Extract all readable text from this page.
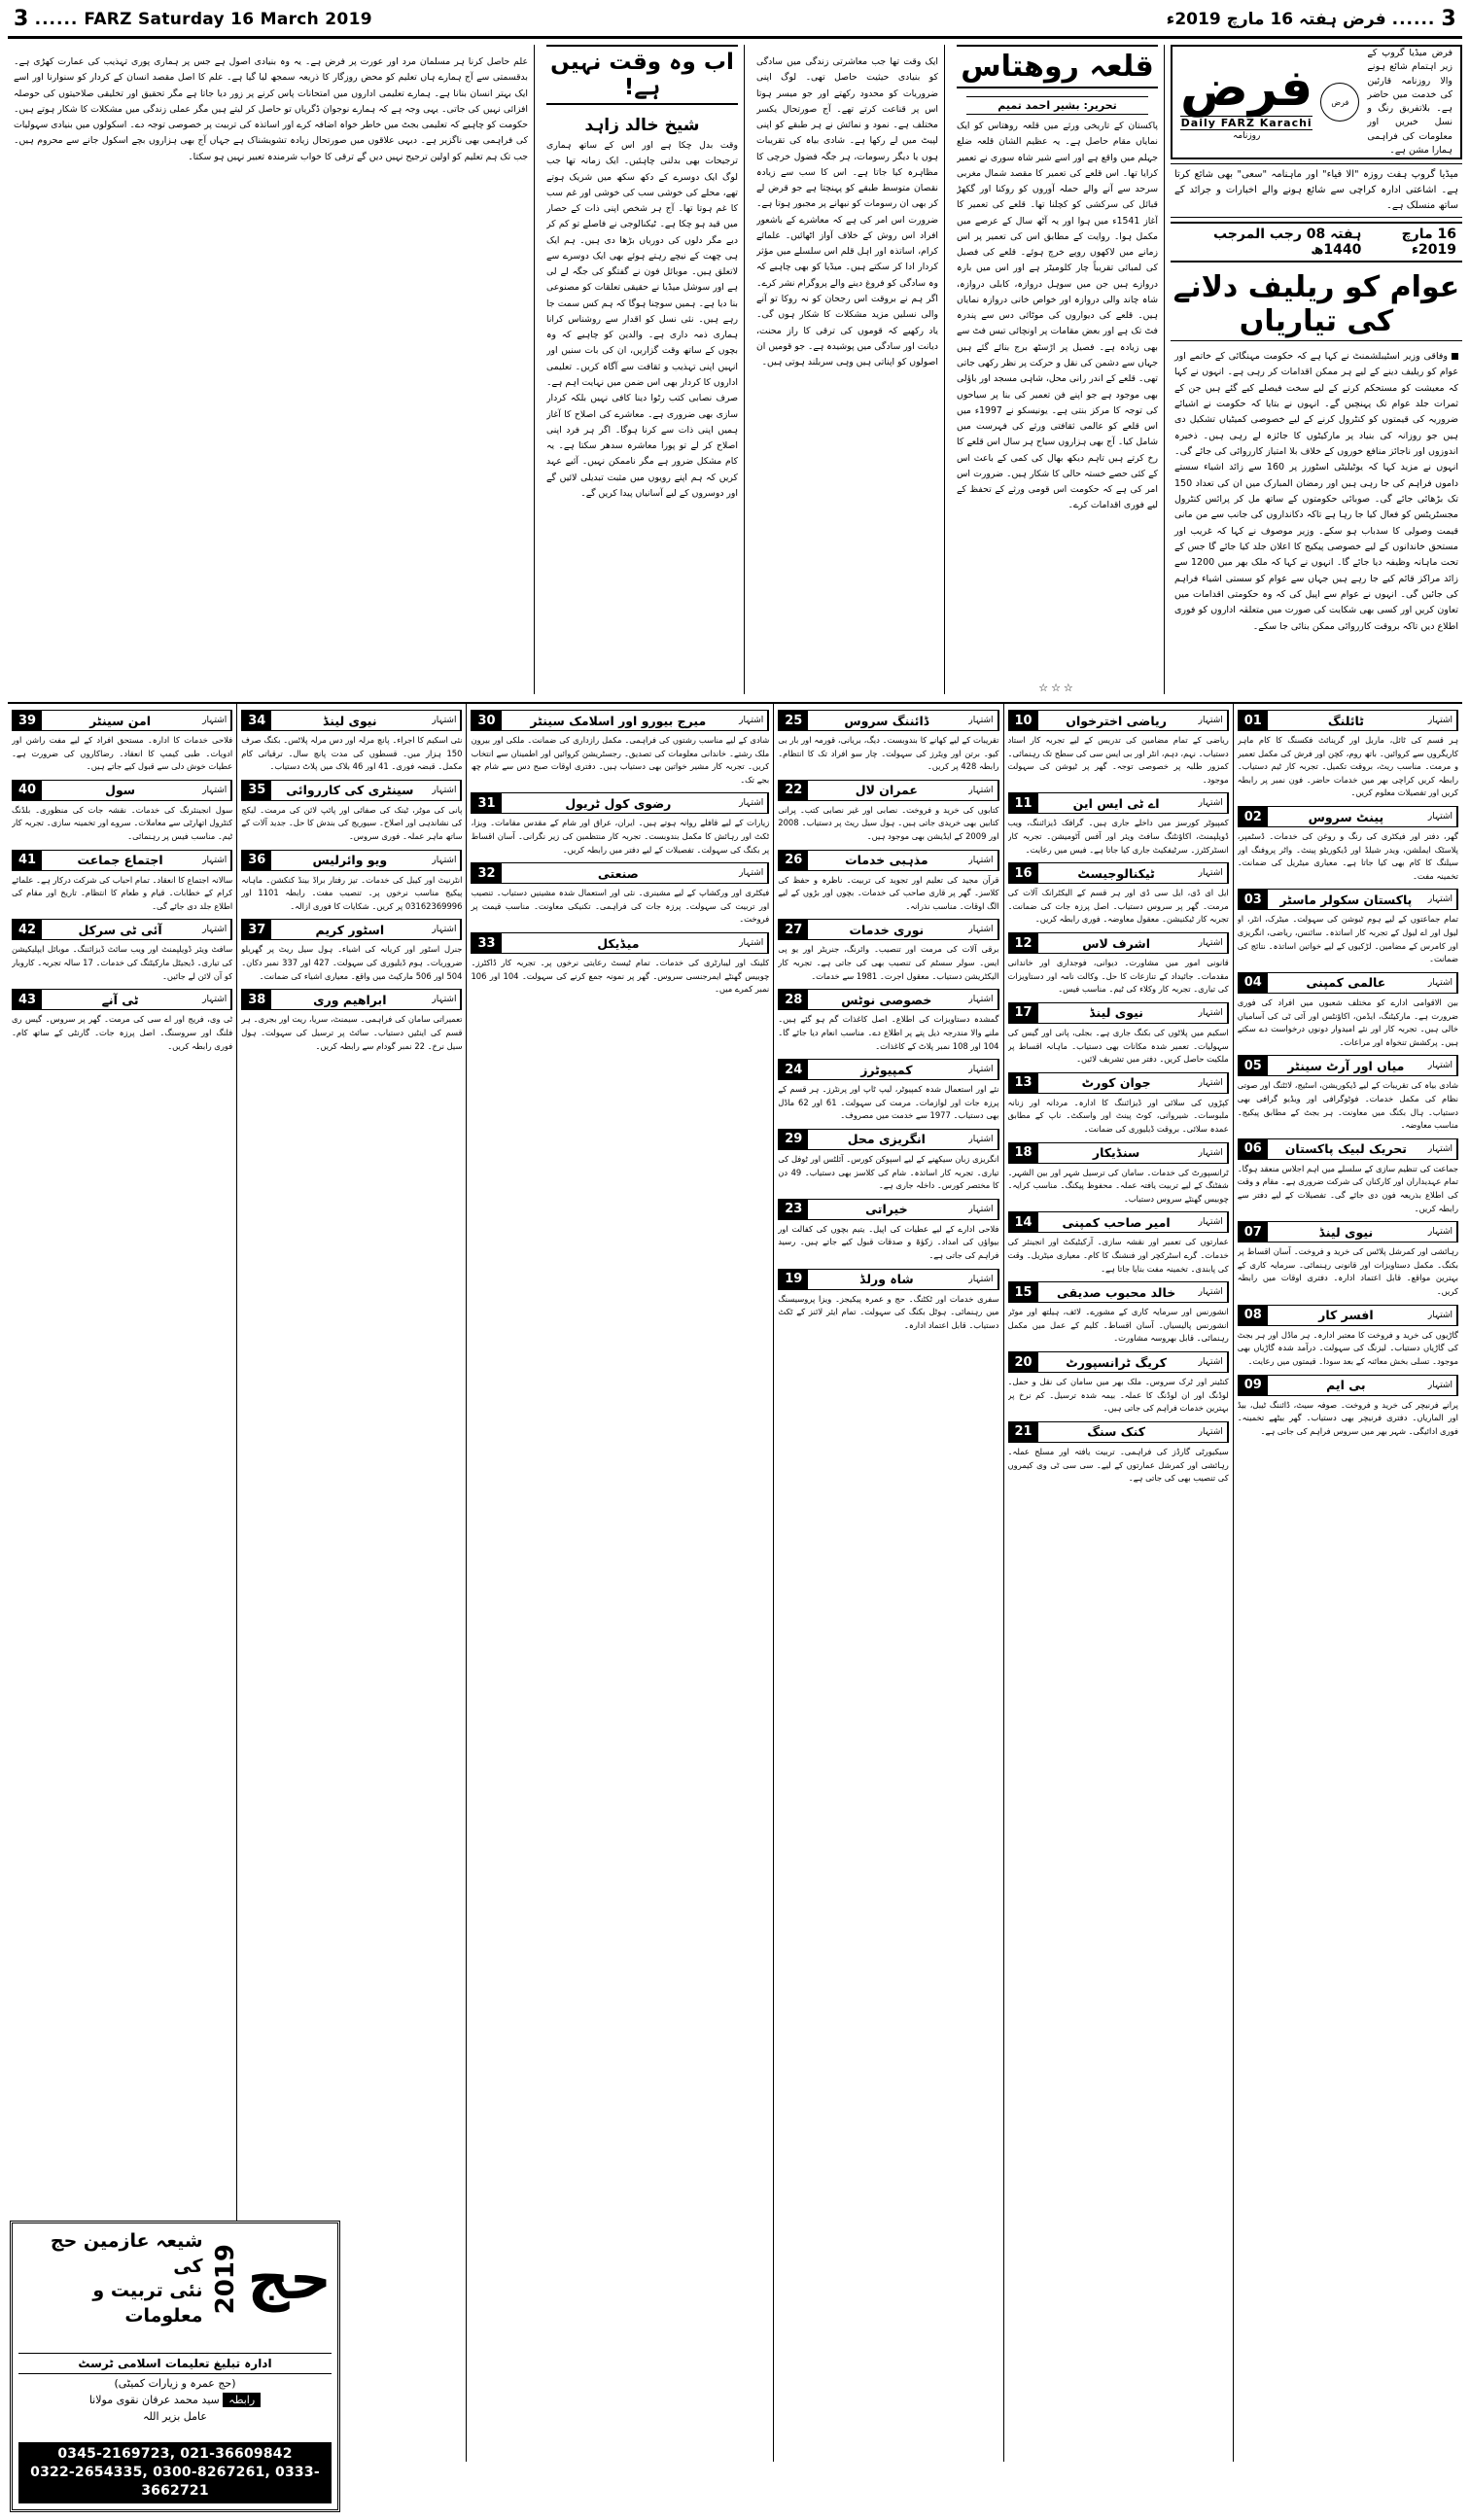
3 ...... FARZ Saturday 16 March 2019	3
......
فرض ہفتہ 16 مارچ 2019ء
فرض
Daily FARZ Karachi
روزنامہ
فرض
فرض میڈیا گروپ کے زیر اہتمام شائع ہونے والا روزنامہ قارئین کی خدمت میں حاضر ہے۔ بلاتفریق رنگ و نسل خبریں اور معلومات کی فراہمی ہمارا مشن ہے۔
میڈیا گروپ ہفت روزہ "الا فیاء" اور ماہنامہ "سعی" بھی شائع کرتا ہے۔ اشاعتی ادارہ کراچی سے شائع ہونے والے اخبارات و جرائد کے ساتھ منسلک ہے۔
ہفتہ 08 رجب المرجب 1440ھ
16 مارچ 2019ء
عوام کو ریلیف دلانے کی تیاریاں
وفاقی وزیر اسٹیبلشمنٹ نے کہا ہے کہ حکومت مہنگائی کے خاتمے اور عوام کو ریلیف دینے کے لیے ہر ممکن اقدامات کر رہی ہے۔ انہوں نے کہا کہ معیشت کو مستحکم کرنے کے لیے سخت فیصلے کیے گئے ہیں جن کے ثمرات جلد عوام تک پہنچیں گے۔ انہوں نے بتایا کہ حکومت نے اشیائے ضروریہ کی قیمتوں کو کنٹرول کرنے کے لیے خصوصی کمیٹیاں تشکیل دی ہیں جو روزانہ کی بنیاد پر مارکیٹوں کا جائزہ لے رہی ہیں۔ ذخیرہ اندوزوں اور ناجائز منافع خوروں کے خلاف بلا امتیاز کارروائی کی جائے گی۔ انہوں نے مزید کہا کہ یوٹیلیٹی اسٹورز پر 160 سے زائد اشیاء سستے داموں فراہم کی جا رہی ہیں اور رمضان المبارک میں ان کی تعداد 150 تک بڑھائی جائے گی۔ صوبائی حکومتوں کے ساتھ مل کر پرائس کنٹرول مجسٹریٹس کو فعال کیا جا رہا ہے تاکہ دکانداروں کی جانب سے من مانی قیمت وصولی کا سدباب ہو سکے۔ وزیر موصوف نے کہا کہ غریب اور مستحق خاندانوں کے لیے خصوصی پیکیج کا اعلان جلد کیا جائے گا جس کے تحت ماہانہ وظیفہ دیا جائے گا۔ انہوں نے کہا کہ ملک بھر میں 1200 سے زائد مراکز قائم کیے جا رہے ہیں جہاں سے عوام کو سستی اشیاء فراہم کی جائیں گی۔ انہوں نے عوام سے اپیل کی کہ وہ حکومتی اقدامات میں تعاون کریں اور کسی بھی شکایت کی صورت میں متعلقہ اداروں کو فوری اطلاع دیں تاکہ بروقت کارروائی ممکن بنائی جا سکے۔
قلعہ روھتاس
تحریر: بشیر احمد تمیم
پاکستان کے تاریخی ورثے میں قلعہ روھتاس کو ایک نمایاں مقام حاصل ہے۔ یہ عظیم الشان قلعہ ضلع جہلم میں واقع ہے اور اسے شیر شاہ سوری نے تعمیر کرایا تھا۔ اس قلعے کی تعمیر کا مقصد شمال مغربی سرحد سے آنے والے حملہ آوروں کو روکنا اور گکھڑ قبائل کی سرکشی کو کچلنا تھا۔ قلعے کی تعمیر کا آغاز 1541ء میں ہوا اور یہ آٹھ سال کے عرصے میں مکمل ہوا۔ روایت کے مطابق اس کی تعمیر پر اس زمانے میں لاکھوں روپے خرچ ہوئے۔ قلعے کی فصیل کی لمبائی تقریباً چار کلومیٹر ہے اور اس میں بارہ دروازے ہیں جن میں سوہل دروازہ، کابلی دروازہ، شاہ چاند والی دروازہ اور خواص خانی دروازہ نمایاں ہیں۔ قلعے کی دیواروں کی موٹائی دس سے پندرہ فٹ تک ہے اور بعض مقامات پر اونچائی تیس فٹ سے بھی زیادہ ہے۔ فصیل پر اڑسٹھ برج بنائے گئے ہیں جہاں سے دشمن کی نقل و حرکت پر نظر رکھی جاتی تھی۔ قلعے کے اندر رانی محل، شاہی مسجد اور باؤلی بھی موجود ہے جو اپنے فن تعمیر کی بنا پر سیاحوں کی توجہ کا مرکز بنتی ہے۔ یونیسکو نے 1997ء میں اس قلعے کو عالمی ثقافتی ورثے کی فہرست میں شامل کیا۔ آج بھی ہزاروں سیاح ہر سال اس قلعے کا رخ کرتے ہیں تاہم دیکھ بھال کی کمی کے باعث اس کے کئی حصے خستہ حالی کا شکار ہیں۔ ضرورت اس امر کی ہے کہ حکومت اس قومی ورثے کے تحفظ کے لیے فوری اقدامات کرے۔
☆☆☆
ایک وقت تھا جب معاشرتی زندگی میں سادگی کو بنیادی حیثیت حاصل تھی۔ لوگ اپنی ضروریات کو محدود رکھتے اور جو میسر ہوتا اس پر قناعت کرتے تھے۔ آج صورتحال یکسر مختلف ہے۔ نمود و نمائش نے ہر طبقے کو اپنی لپیٹ میں لے رکھا ہے۔ شادی بیاہ کی تقریبات ہوں یا دیگر رسومات، ہر جگہ فضول خرچی کا مظاہرہ کیا جاتا ہے۔ اس کا سب سے زیادہ نقصان متوسط طبقے کو پہنچتا ہے جو قرض لے کر بھی ان رسومات کو نبھانے پر مجبور ہوتا ہے۔ ضرورت اس امر کی ہے کہ معاشرے کے باشعور افراد اس روش کے خلاف آواز اٹھائیں۔ علمائے کرام، اساتذہ اور اہل قلم اس سلسلے میں مؤثر کردار ادا کر سکتے ہیں۔ میڈیا کو بھی چاہیے کہ وہ سادگی کو فروغ دینے والے پروگرام نشر کرے۔ اگر ہم نے بروقت اس رجحان کو نہ روکا تو آنے والی نسلیں مزید مشکلات کا شکار ہوں گی۔ یاد رکھیے کہ قوموں کی ترقی کا راز محنت، دیانت اور سادگی میں پوشیدہ ہے۔ جو قومیں ان اصولوں کو اپناتی ہیں وہی سربلند ہوتی ہیں۔
اب وہ وقت نہیں ہے!
شیخ خالد زاہد
وقت بدل چکا ہے اور اس کے ساتھ ہماری ترجیحات بھی بدلنی چاہئیں۔ ایک زمانہ تھا جب لوگ ایک دوسرے کے دکھ سکھ میں شریک ہوتے تھے، محلے کی خوشی سب کی خوشی اور غم سب کا غم ہوتا تھا۔ آج ہر شخص اپنی ذات کے حصار میں قید ہو چکا ہے۔ ٹیکنالوجی نے فاصلے تو کم کر دیے مگر دلوں کی دوریاں بڑھا دی ہیں۔ ہم ایک ہی چھت کے نیچے رہتے ہوئے بھی ایک دوسرے سے لاتعلق ہیں۔ موبائل فون نے گفتگو کی جگہ لے لی ہے اور سوشل میڈیا نے حقیقی تعلقات کو مصنوعی بنا دیا ہے۔ ہمیں سوچنا ہوگا کہ ہم کس سمت جا رہے ہیں۔ نئی نسل کو اقدار سے روشناس کرانا ہماری ذمہ داری ہے۔ والدین کو چاہیے کہ وہ بچوں کے ساتھ وقت گزاریں، ان کی بات سنیں اور انہیں اپنی تہذیب و ثقافت سے آگاہ کریں۔ تعلیمی اداروں کا کردار بھی اس ضمن میں نہایت اہم ہے۔ صرف نصابی کتب رٹوا دینا کافی نہیں بلکہ کردار سازی بھی ضروری ہے۔ معاشرے کی اصلاح کا آغاز ہمیں اپنی ذات سے کرنا ہوگا۔ اگر ہر فرد اپنی اصلاح کر لے تو پورا معاشرہ سدھر سکتا ہے۔ یہ کام مشکل ضرور ہے مگر ناممکن نہیں۔ آئیے عہد کریں کہ ہم اپنے رویوں میں مثبت تبدیلی لائیں گے اور دوسروں کے لیے آسانیاں پیدا کریں گے۔
علم حاصل کرنا ہر مسلمان مرد اور عورت پر فرض ہے۔ یہ وہ بنیادی اصول ہے جس پر ہماری پوری تہذیب کی عمارت کھڑی ہے۔ بدقسمتی سے آج ہمارے ہاں تعلیم کو محض روزگار کا ذریعہ سمجھ لیا گیا ہے۔ علم کا اصل مقصد انسان کے کردار کو سنوارنا اور اسے ایک بہتر انسان بنانا ہے۔ ہمارے تعلیمی اداروں میں امتحانات پاس کرنے پر زور دیا جاتا ہے مگر تحقیق اور تخلیقی صلاحیتوں کی حوصلہ افزائی نہیں کی جاتی۔ یہی وجہ ہے کہ ہمارے نوجوان ڈگریاں تو حاصل کر لیتے ہیں مگر عملی زندگی میں مشکلات کا شکار ہوتے ہیں۔ حکومت کو چاہیے کہ تعلیمی بجٹ میں خاطر خواہ اضافہ کرے اور اساتذہ کی تربیت پر خصوصی توجہ دے۔ اسکولوں میں بنیادی سہولیات کی فراہمی بھی ناگزیر ہے۔ دیہی علاقوں میں صورتحال زیادہ تشویشناک ہے جہاں آج بھی ہزاروں بچے اسکول جانے سے محروم ہیں۔ جب تک ہم تعلیم کو اولین ترجیح نہیں دیں گے ترقی کا خواب شرمندہ تعبیر نہیں ہو سکتا۔
01	ٹائلنگ	اشتہار
ہر قسم کی ٹائل، ماربل اور گرینائٹ فکسنگ کا کام ماہر کاریگروں سے کروائیں۔ باتھ روم، کچن اور فرش کی مکمل تعمیر و مرمت۔ مناسب ریٹ، بروقت تکمیل۔ تجربہ کار ٹیم دستیاب۔ رابطہ کریں کراچی بھر میں خدمات حاضر۔ فون نمبر پر رابطہ کریں اور تفصیلات معلوم کریں۔
02	پینٹ سروس	اشتہار
گھر، دفتر اور فیکٹری کی رنگ و روغن کی خدمات۔ ڈسٹمپر، پلاسٹک ایملشن، ویدر شیلڈ اور ڈیکوریٹو پینٹ۔ واٹر پروفنگ اور سیلنگ کا کام بھی کیا جاتا ہے۔ معیاری میٹریل کی ضمانت۔ تخمینہ مفت۔
03	پاکستان سکولر ماسٹر	اشتہار
تمام جماعتوں کے لیے ہوم ٹیوشن کی سہولت۔ میٹرک، انٹر، او لیول اور اے لیول کے تجربہ کار اساتذہ۔ سائنس، ریاضی، انگریزی اور کامرس کے مضامین۔ لڑکیوں کے لیے خواتین اساتذہ۔ نتائج کی ضمانت۔
04	عالمی کمپنی	اشتہار
بین الاقوامی ادارے کو مختلف شعبوں میں افراد کی فوری ضرورت ہے۔ مارکیٹنگ، ایڈمن، اکاؤنٹس اور آئی ٹی کی آسامیاں خالی ہیں۔ تجربہ کار اور نئے امیدوار دونوں درخواست دے سکتے ہیں۔ پرکشش تنخواہ اور مراعات۔
05	میاں اور آرٹ سینٹر	اشتہار
شادی بیاہ کی تقریبات کے لیے ڈیکوریشن، اسٹیج، لائٹنگ اور صوتی نظام کی مکمل خدمات۔ فوٹوگرافی اور ویڈیو گرافی بھی دستیاب۔ ہال بکنگ میں معاونت۔ ہر بجٹ کے مطابق پیکیج۔ مناسب معاوضہ۔
06	تحریک لبیک پاکستان	اشتہار
جماعت کی تنظیم سازی کے سلسلے میں اہم اجلاس منعقد ہوگا۔ تمام عہدیداران اور کارکنان کی شرکت ضروری ہے۔ مقام و وقت کی اطلاع بذریعہ فون دی جائے گی۔ تفصیلات کے لیے دفتر سے رابطہ کریں۔
07	نیوی لینڈ	اشتہار
رہائشی اور کمرشل پلاٹس کی خرید و فروخت۔ آسان اقساط پر بکنگ۔ مکمل دستاویزات اور قانونی رہنمائی۔ سرمایہ کاری کے بہترین مواقع۔ قابل اعتماد ادارہ۔ دفتری اوقات میں رابطہ کریں۔
08	افسر کار	اشتہار
گاڑیوں کی خرید و فروخت کا معتبر ادارہ۔ ہر ماڈل اور ہر بجٹ کی گاڑیاں دستیاب۔ لیزنگ کی سہولت۔ درآمد شدہ گاڑیاں بھی موجود۔ تسلی بخش معائنہ کے بعد سودا۔ قیمتوں میں رعایت۔
09	بی ایم	اشتہار
پرانے فرنیچر کی خرید و فروخت۔ صوفہ سیٹ، ڈائننگ ٹیبل، بیڈ اور الماریاں۔ دفتری فرنیچر بھی دستیاب۔ گھر بیٹھے تخمینہ۔ فوری ادائیگی۔ شہر بھر میں سروس فراہم کی جاتی ہے۔
10	ریاضی اخترخواں	اشتہار
ریاضی کے تمام مضامین کی تدریس کے لیے تجربہ کار استاد دستیاب۔ نہم، دہم، انٹر اور بی ایس سی کی سطح تک رہنمائی۔ کمزور طلبہ پر خصوصی توجہ۔ گھر پر ٹیوشن کی سہولت موجود۔
11	اے ٹی ایس این	اشتہار
کمپیوٹر کورسز میں داخلے جاری ہیں۔ گرافک ڈیزائننگ، ویب ڈویلپمنٹ، اکاؤنٹنگ سافٹ ویئر اور آفس آٹومیشن۔ تجربہ کار انسٹرکٹرز۔ سرٹیفکیٹ جاری کیا جاتا ہے۔ فیس میں رعایت۔
16	ٹیکنالوجیسٹ	اشتہار
ایل ای ڈی، ایل سی ڈی اور ہر قسم کے الیکٹرانک آلات کی مرمت۔ گھر پر سروس دستیاب۔ اصل پرزہ جات کی ضمانت۔ تجربہ کار ٹیکنیشن۔ معقول معاوضہ۔ فوری رابطہ کریں۔
12	اشرف لاس	اشتہار
قانونی امور میں مشاورت۔ دیوانی، فوجداری اور خاندانی مقدمات۔ جائیداد کے تنازعات کا حل۔ وکالت نامہ اور دستاویزات کی تیاری۔ تجربہ کار وکلاء کی ٹیم۔ مناسب فیس۔
17	نیوی لینڈ	اشتہار
اسکیم میں پلاٹوں کی بکنگ جاری ہے۔ بجلی، پانی اور گیس کی سہولیات۔ تعمیر شدہ مکانات بھی دستیاب۔ ماہانہ اقساط پر ملکیت حاصل کریں۔ دفتر میں تشریف لائیں۔
13	جوان کورٹ	اشتہار
کپڑوں کی سلائی اور ڈیزائننگ کا ادارہ۔ مردانہ اور زنانہ ملبوسات۔ شیروانی، کوٹ پینٹ اور واسکٹ۔ ناپ کے مطابق عمدہ سلائی۔ بروقت ڈیلیوری کی ضمانت۔
18	سنڈیکار	اشتہار
ٹرانسپورٹ کی خدمات۔ سامان کی ترسیل شہر اور بین الشہر۔ شفٹنگ کے لیے تربیت یافتہ عملہ۔ محفوظ پیکنگ۔ مناسب کرایہ۔ چوبیس گھنٹے سروس دستیاب۔
14	امیر صاحب کمپنی	اشتہار
عمارتوں کی تعمیر اور نقشہ سازی۔ آرکیٹیکٹ اور انجینئر کی خدمات۔ گرے اسٹرکچر اور فنشنگ کا کام۔ معیاری میٹریل۔ وقت کی پابندی۔ تخمینہ مفت بنایا جاتا ہے۔
15	خالد محبوب صدیقی	اشتہار
انشورنس اور سرمایہ کاری کے مشورے۔ لائف، ہیلتھ اور موٹر انشورنس پالیسیاں۔ آسان اقساط۔ کلیم کے عمل میں مکمل رہنمائی۔ قابل بھروسہ مشاورت۔
20	کریگ ٹرانسپورٹ	اشتہار
کنٹینر اور ٹرک سروس۔ ملک بھر میں سامان کی نقل و حمل۔ لوڈنگ اور ان لوڈنگ کا عملہ۔ بیمہ شدہ ترسیل۔ کم نرخ پر بہترین خدمات فراہم کی جاتی ہیں۔
21	کنک سنگ	اشتہار
سیکیورٹی گارڈز کی فراہمی۔ تربیت یافتہ اور مسلح عملہ۔ رہائشی اور کمرشل عمارتوں کے لیے۔ سی سی ٹی وی کیمروں کی تنصیب بھی کی جاتی ہے۔
25	ڈائننگ سروس	اشتہار
تقریبات کے لیے کھانے کا بندوبست۔ دیگ، بریانی، قورمہ اور بار بی کیو۔ برتن اور ویٹرز کی سہولت۔ چار سو افراد تک کا انتظام۔ رابطہ 428 پر کریں۔
22	عمران لال	اشتہار
کتابوں کی خرید و فروخت۔ نصابی اور غیر نصابی کتب۔ پرانی کتابیں بھی خریدی جاتی ہیں۔ ہول سیل ریٹ پر دستیاب۔ 2008 اور 2009 کے ایڈیشن بھی موجود ہیں۔
26	مذہبی خدمات	اشتہار
قرآن مجید کی تعلیم اور تجوید کی تربیت۔ ناظرہ و حفظ کی کلاسز۔ گھر پر قاری صاحب کی خدمات۔ بچوں اور بڑوں کے لیے الگ اوقات۔ مناسب نذرانہ۔
27	نوری خدمات	اشتہار
برقی آلات کی مرمت اور تنصیب۔ وائرنگ، جنریٹر اور یو پی ایس۔ سولر سسٹم کی تنصیب بھی کی جاتی ہے۔ تجربہ کار الیکٹریشن دستیاب۔ معقول اجرت۔ 1981 سے خدمات۔
28	خصوصی نوٹس	اشتہار
گمشدہ دستاویزات کی اطلاع۔ اصل کاغذات گم ہو گئے ہیں۔ ملنے والا مندرجہ ذیل پتے پر اطلاع دے۔ مناسب انعام دیا جائے گا۔ 104 اور 108 نمبر پلاٹ کے کاغذات۔
24	کمپیوٹرز	اشتہار
نئے اور استعمال شدہ کمپیوٹر، لیپ ٹاپ اور پرنٹرز۔ ہر قسم کے پرزہ جات اور لوازمات۔ مرمت کی سہولت۔ 61 اور 62 ماڈل بھی دستیاب۔ 1977 سے خدمت میں مصروف۔
29	انگریزی محل	اشتہار
انگریزی زبان سیکھنے کے لیے اسپوکن کورس۔ آئلٹس اور ٹوفل کی تیاری۔ تجربہ کار اساتذہ۔ شام کی کلاسز بھی دستیاب۔ 49 دن کا مختصر کورس۔ داخلہ جاری ہے۔
23	خیراتی	اشتہار
فلاحی ادارے کے لیے عطیات کی اپیل۔ یتیم بچوں کی کفالت اور بیواؤں کی امداد۔ زکوٰۃ و صدقات قبول کیے جاتے ہیں۔ رسید فراہم کی جاتی ہے۔
19	شاہ ورلڈ	اشتہار
سفری خدمات اور ٹکٹنگ۔ حج و عمرہ پیکیجز۔ ویزا پروسیسنگ میں رہنمائی۔ ہوٹل بکنگ کی سہولت۔ تمام ایئر لائنز کے ٹکٹ دستیاب۔ قابل اعتماد ادارہ۔
30	میرج بیورو اور اسلامک سینٹر	اشتہار
شادی کے لیے مناسب رشتوں کی فراہمی۔ مکمل رازداری کی ضمانت۔ ملکی اور بیرون ملک رشتے۔ خاندانی معلومات کی تصدیق۔ رجسٹریشن کروائیں اور اطمینان سے انتخاب کریں۔ تجربہ کار مشیر خواتین بھی دستیاب ہیں۔ دفتری اوقات صبح دس سے شام چھ بجے تک۔
31	رضوی کول ٹریول	اشتہار
زیارات کے لیے قافلے روانہ ہوتے ہیں۔ ایران، عراق اور شام کے مقدس مقامات۔ ویزا، ٹکٹ اور رہائش کا مکمل بندوبست۔ تجربہ کار منتظمین کی زیر نگرانی۔ آسان اقساط پر بکنگ کی سہولت۔ تفصیلات کے لیے دفتر میں رابطہ کریں۔
32	صنعتی	اشتہار
فیکٹری اور ورکشاپ کے لیے مشینری۔ نئی اور استعمال شدہ مشینیں دستیاب۔ تنصیب اور تربیت کی سہولت۔ پرزہ جات کی فراہمی۔ تکنیکی معاونت۔ مناسب قیمت پر فروخت۔
33	میڈیکل	اشتہار
کلینک اور لیبارٹری کی خدمات۔ تمام ٹیسٹ رعایتی نرخوں پر۔ تجربہ کار ڈاکٹرز۔ چوبیس گھنٹے ایمرجنسی سروس۔ گھر پر نمونہ جمع کرنے کی سہولت۔ 104 اور 106 نمبر کمرے میں۔
34	نیوی لینڈ	اشتہار
نئی اسکیم کا اجراء۔ پانچ مرلہ اور دس مرلہ پلاٹس۔ بکنگ صرف 150 ہزار میں۔ قسطوں کی مدت پانچ سال۔ ترقیاتی کام مکمل۔ قبضہ فوری۔ 41 اور 46 بلاک میں پلاٹ دستیاب۔
35	سینٹری کی کارروائی	اشتہار
پانی کی موٹر، ٹینک کی صفائی اور پائپ لائن کی مرمت۔ لیکج کی نشاندہی اور اصلاح۔ سیوریج کی بندش کا حل۔ جدید آلات کے ساتھ ماہر عملہ۔ فوری سروس۔
36	ویو وائرلیس	اشتہار
انٹرنیٹ اور کیبل کی خدمات۔ تیز رفتار براڈ بینڈ کنکشن۔ ماہانہ پیکیج مناسب نرخوں پر۔ تنصیب مفت۔ رابطہ 1101 اور 03162369996 پر کریں۔ شکایات کا فوری ازالہ۔
37	اسٹور کریم	اشتہار
جنرل اسٹور اور کریانہ کی اشیاء۔ ہول سیل ریٹ پر گھریلو ضروریات۔ ہوم ڈیلیوری کی سہولت۔ 427 اور 337 نمبر دکان۔ 504 اور 506 مارکیٹ میں واقع۔ معیاری اشیاء کی ضمانت۔
38	ابراھیم وری	اشتہار
تعمیراتی سامان کی فراہمی۔ سیمنٹ، سریا، ریت اور بجری۔ ہر قسم کی اینٹیں دستیاب۔ سائٹ پر ترسیل کی سہولت۔ ہول سیل نرخ۔ 22 نمبر گودام سے رابطہ کریں۔
39	امن سینٹر	اشتہار
فلاحی خدمات کا ادارہ۔ مستحق افراد کے لیے مفت راشن اور ادویات۔ طبی کیمپ کا انعقاد۔ رضاکاروں کی ضرورت ہے۔ عطیات خوش دلی سے قبول کیے جاتے ہیں۔
40	سول	اشتہار
سول انجینئرنگ کی خدمات۔ نقشہ جات کی منظوری۔ بلڈنگ کنٹرول اتھارٹی سے معاملات۔ سروے اور تخمینہ سازی۔ تجربہ کار ٹیم۔ مناسب فیس پر رہنمائی۔
41	اجتماع جماعت	اشتہار
سالانہ اجتماع کا انعقاد۔ تمام احباب کی شرکت درکار ہے۔ علمائے کرام کے خطابات۔ قیام و طعام کا انتظام۔ تاریخ اور مقام کی اطلاع جلد دی جائے گی۔
42	آئی ٹی سرکل	اشتہار
سافٹ ویئر ڈویلپمنٹ اور ویب سائٹ ڈیزائننگ۔ موبائل ایپلیکیشن کی تیاری۔ ڈیجیٹل مارکیٹنگ کی خدمات۔ 17 سالہ تجربہ۔ کاروبار کو آن لائن لے جائیں۔
43	ٹی آنے	اشتہار
ٹی وی، فریج اور اے سی کی مرمت۔ گھر پر سروس۔ گیس ری فلنگ اور سروسنگ۔ اصل پرزہ جات۔ گارنٹی کے ساتھ کام۔ فوری رابطہ کریں۔
حج
2019
شیعہ عازمین حج کی
نئی تربیت و معلومات
ادارہ تبلیغ تعلیمات اسلامی ٹرسٹ
(حج عمرہ و زیارات کمیٹی)
رابطہ سید محمد عرفان نقوی مولانا
عامل بزیر اللہ
0345-2169723, 021-36609842
0322-2654335, 0300-8267261, 0333-3662721
